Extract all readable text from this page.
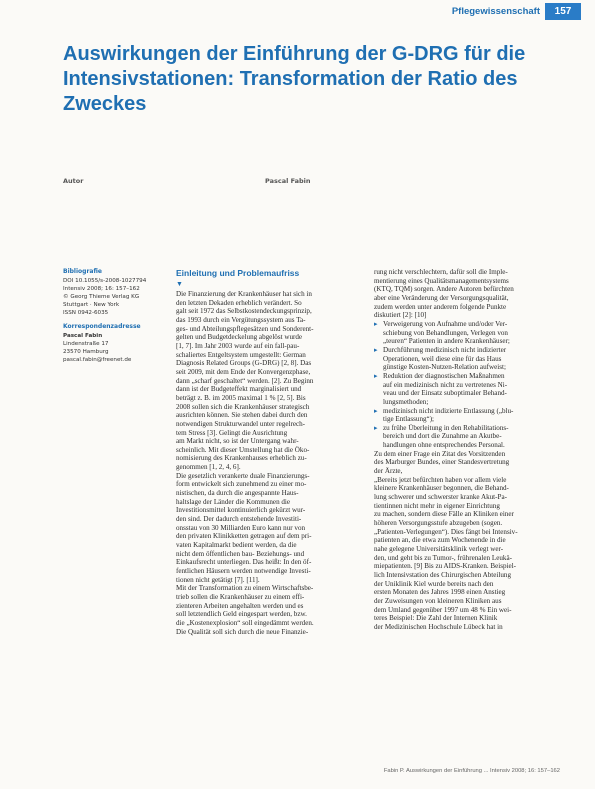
Pflegewissenschaft	157
Auswirkungen der Einführung der G-DRG für die Intensivstationen: Transformation der Ratio des Zweckes
Autor	Pascal Fabin
Bibliografie
DOI 10.1055/s-2008-1027794
Intensiv 2008; 16: 157–162
© Georg Thieme Verlag KG
Stuttgart · New York
ISSN 0942-6035
Korrespondenzadresse
Pascal Fabin
Lindenstraße 17
23570 Hamburg
pascal.fabin@freenet.de
Einleitung und Problemaufriss
▼
Die Finanzierung der Krankenhäuser hat sich in
den letzten Dekaden erheblich verändert. So
galt seit 1972 das Selbstkostendeckungsprinzip,
das 1993 durch ein Vergütungssystem aus Ta-
ges- und Abteilungspflegesätzen und Sonderent-
gelten und Budgetdeckelung abgelöst wurde
[1, 7]. Im Jahr 2003 wurde auf ein fall-pau-
schaliertes Entgeltsystem umgestellt: German
Diagnosis Related Groups (G-DRG) [2, 8]. Das
seit 2009, mit dem Ende der Konvergenzphase,
dann „scharf geschaltet“ werden. [2]. Zu Beginn
dann ist der Budgeteffekt marginalisiert und
beträgt z. B. im 2005 maximal 1 % [2, 5]. Bis
2008 sollen sich die Krankenhäuser strategisch
ausrichten können. Sie stehen dabei durch den
notwendigen Strukturwandel unter regelrech-
tem Stress [3]. Gelingt die Ausrichtung
am Markt nicht, so ist der Untergang wahr-
scheinlich. Mit dieser Umstellung hat die Öko-
nomisierung des Krankenhauses erheblich zu-
genommen [1, 2, 4, 6].
Die gesetzlich verankerte duale Finanzierungs-
form entwickelt sich zunehmend zu einer mo-
nistischen, da durch die angespannte Haus-
haltslage der Länder die Kommunen die
Investitionsmittel kontinuierlich gekürzt wur-
den sind. Der dadurch entstehende Investiti-
onsstau von 30 Milliarden Euro kann nur von
den privaten Klinikketten getragen auf dem pri-
vaten Kapitalmarkt bedient werden, da die
nicht dem öffentlichen bau- Beziehungs- und
Einkaufsrecht unterliegen. Das heißt: In den öf-
fentlichen Häusern werden notwendige Investi-
tionen nicht getätigt [7]. [11].
Mit der Transformation zu einem Wirtschaftsbe-
trieb sollen die Krankenhäuser zu einem effi-
zienteren Arbeiten angehalten werden und es
soll letztendlich Geld eingespart werden, bzw.
die „Kostenexplosion“ soll eingedämmt werden.
Die Qualität soll sich durch die neue Finanzie-
rung nicht verschlechtern, dafür soll die Imple-
mentierung eines Qualitätsmanagementsystems
(KTQ, TQM) sorgen. Andere Autoren befürchten
aber eine Veränderung der Versorgungsqualität,
zudem werden unter anderem folgende Punkte
diskutiert [2]: [10]
▸ Verweigerung von Aufnahme und/oder Ver-
schiebung von Behandlungen, Verlegen von
„teuren“ Patienten in andere Krankenhäuser;
▸ Durchführung medizinisch nicht indizierter
Operationen, weil diese eine für das Haus
günstige Kosten-Nutzen-Relation aufweist;
▸ Reduktion der diagnostischen Maßnahmen
auf ein medizinisch nicht zu vertretenes Ni-
veau und der Einsatz suboptimaler Behand-
lungsmethoden;
▸ medizinisch nicht indizierte Entlassung („blu-
tige Entlassung“);
▸ zu frühe Überleitung in den Rehabilitations-
bereich und dort die Zunahme an Akutbe-
handlungen ohne entsprechendes Personal.
Zu dem einer Frage ein Zitat des Vorsitzenden
des Marburger Bundes, einer Standesvertretung
der Ärzte,
„Bereits jetzt befürchten haben vor allem viele
kleinere Krankenhäuser begonnen, die Behand-
lung schwerer und schwerster kranke Akut-Pa-
tientinnen nicht mehr in eigener Einrichtung
zu machen, sondern diese Fälle an Kliniken einer
höheren Versorgungsstufe abzugeben (sogen.
„Patienten-Verlegungen“). Dies fängt bei Intensiv-
patienten an, die etwa zum Wochenende in die
nahe gelegene Universitätsklinik verlegt wer-
den, und geht bis zu Tumor-, frührenalen Leukä-
miepatienten. [9] Bis zu AIDS-Kranken. Beispiel-
lich Intensivstation des Chirurgischen Abteilung
der Uniklinik Kiel wurde bereits nach den
ersten Monaten des Jahres 1998 einen Anstieg
der Zuweisungen von kleineren Kliniken aus
dem Umland gegenüber 1997 um 48 % Ein wei-
teres Beispiel: Die Zahl der Internen Klinik
der Medizinischen Hochschule Lübeck hat in
Fabin P. Auswirkungen der Einführung ... Intensiv 2008; 16: 157–162
